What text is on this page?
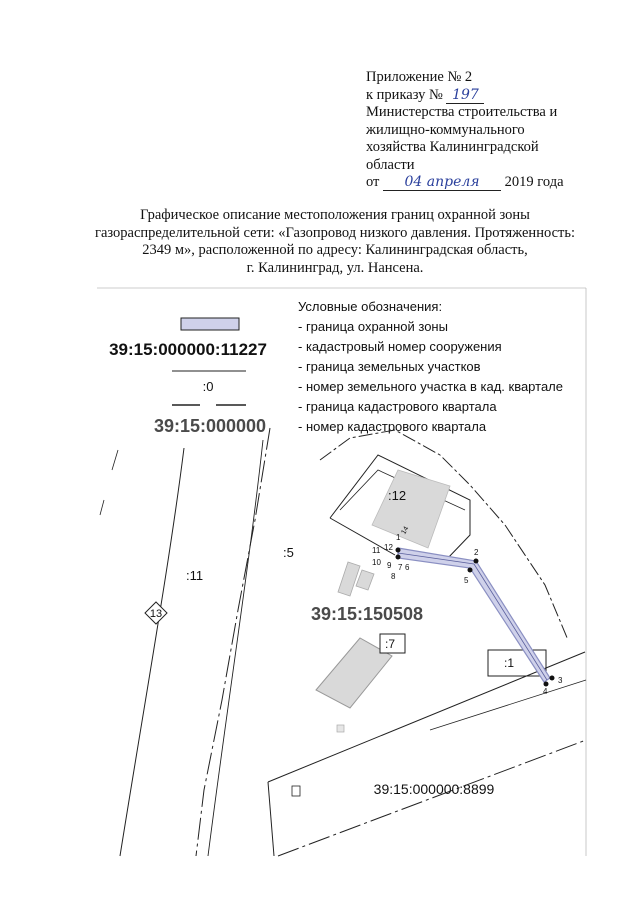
Приложение № 2
к приказу № 197
Министерства строительства и
жилищно-коммунального
хозяйства Калининградской
области
от 04 апреля 2019 года
Графическое описание местоположения границ охранной зоны
газораспределительной сети: «Газопровод низкого давления. Протяженность:
2349 м», расположенной по адресу: Калининградская область,
г. Калининград, ул. Нансена.
Условные обозначения:
- граница охранной зоны
- кадастровый номер сооружения
- граница земельных участков
- номер земельного участка в кад. квартале
- граница кадастрового квартала
- номер кадастрового квартала
39:15:000000:11227
:0
39:15:000000
1
2
3
4
5
6
7
8
9
10
11 12
:12
:5
:11
:7
:1
14
13	39:15:150508
39:15:000000:8899
